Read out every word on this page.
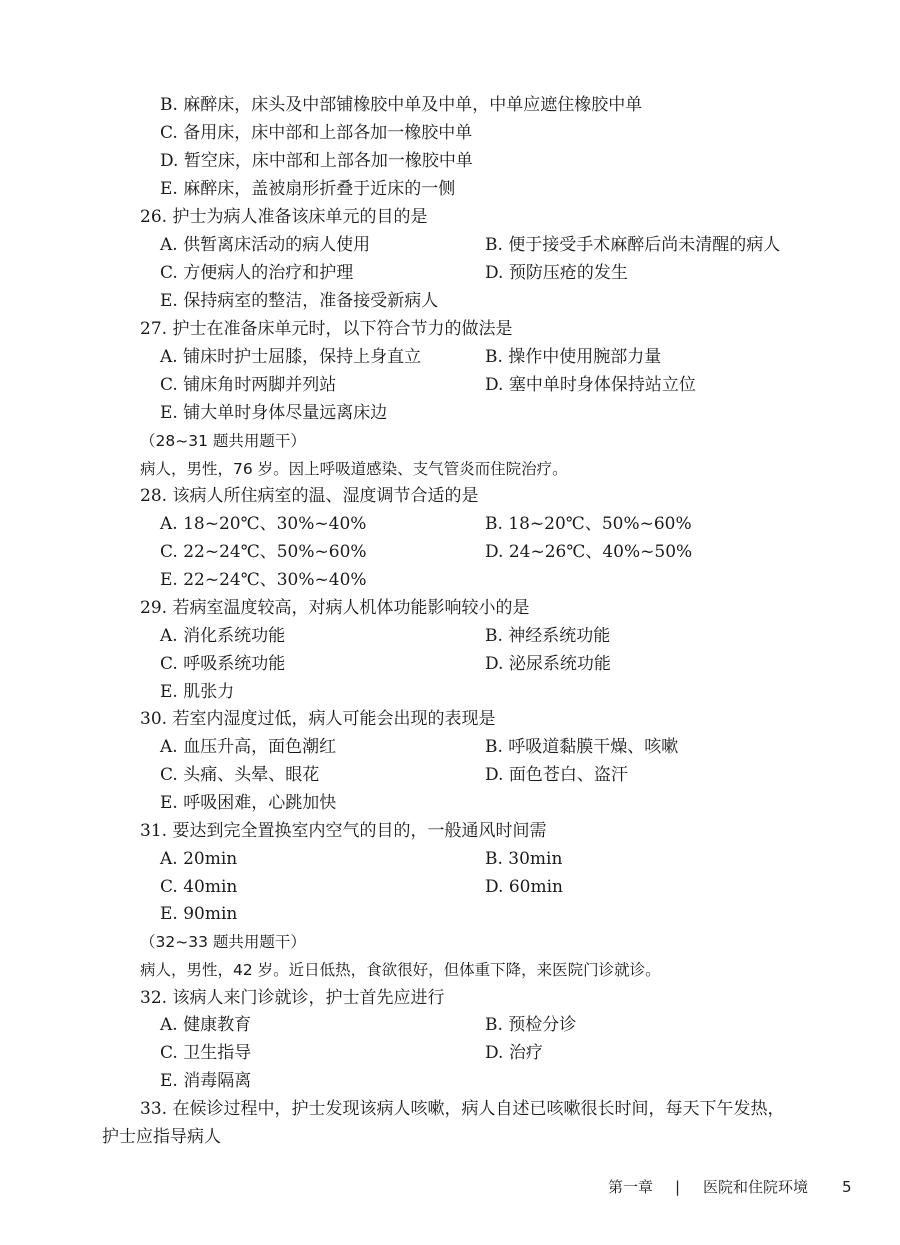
B. 麻醉床，床头及中部铺橡胶中单及中单，中单应遮住橡胶中单
C. 备用床，床中部和上部各加一橡胶中单
D. 暂空床，床中部和上部各加一橡胶中单
E. 麻醉床，盖被扇形折叠于近床的一侧
26. 护士为病人准备该床单元的目的是
A. 供暂离床活动的病人使用	B. 便于接受手术麻醉后尚未清醒的病人
C. 方便病人的治疗和护理	D. 预防压疮的发生
E. 保持病室的整洁，准备接受新病人
27. 护士在准备床单元时，以下符合节力的做法是
A. 铺床时护士屈膝，保持上身直立	B. 操作中使用腕部力量
C. 铺床角时两脚并列站	D. 塞中单时身体保持站立位
E. 铺大单时身体尽量远离床边
（28~31 题共用题干）
病人，男性，76 岁。因上呼吸道感染、支气管炎而住院治疗。
28. 该病人所住病室的温、湿度调节合适的是
A. 18~20℃、30%~40%	B. 18~20℃、50%~60%
C. 22~24℃、50%~60%	D. 24~26℃、40%~50%
E. 22~24℃、30%~40%
29. 若病室温度较高，对病人机体功能影响较小的是
A. 消化系统功能	B. 神经系统功能
C. 呼吸系统功能	D. 泌尿系统功能
E. 肌张力
30. 若室内湿度过低，病人可能会出现的表现是
A. 血压升高，面色潮红	B. 呼吸道黏膜干燥、咳嗽
C. 头痛、头晕、眼花	D. 面色苍白、盗汗
E. 呼吸困难，心跳加快
31. 要达到完全置换室内空气的目的，一般通风时间需
A. 20min	B. 30min
C. 40min	D. 60min
E. 90min
（32~33 题共用题干）
病人，男性，42 岁。近日低热，食欲很好，但体重下降，来医院门诊就诊。
32. 该病人来门诊就诊，护士首先应进行
A. 健康教育	B. 预检分诊
C. 卫生指导	D. 治疗
E. 消毒隔离
33. 在候诊过程中，护士发现该病人咳嗽，病人自述已咳嗽很长时间，每天下午发热，
护士应指导病人
第一章 | 医院和住院环境 5
